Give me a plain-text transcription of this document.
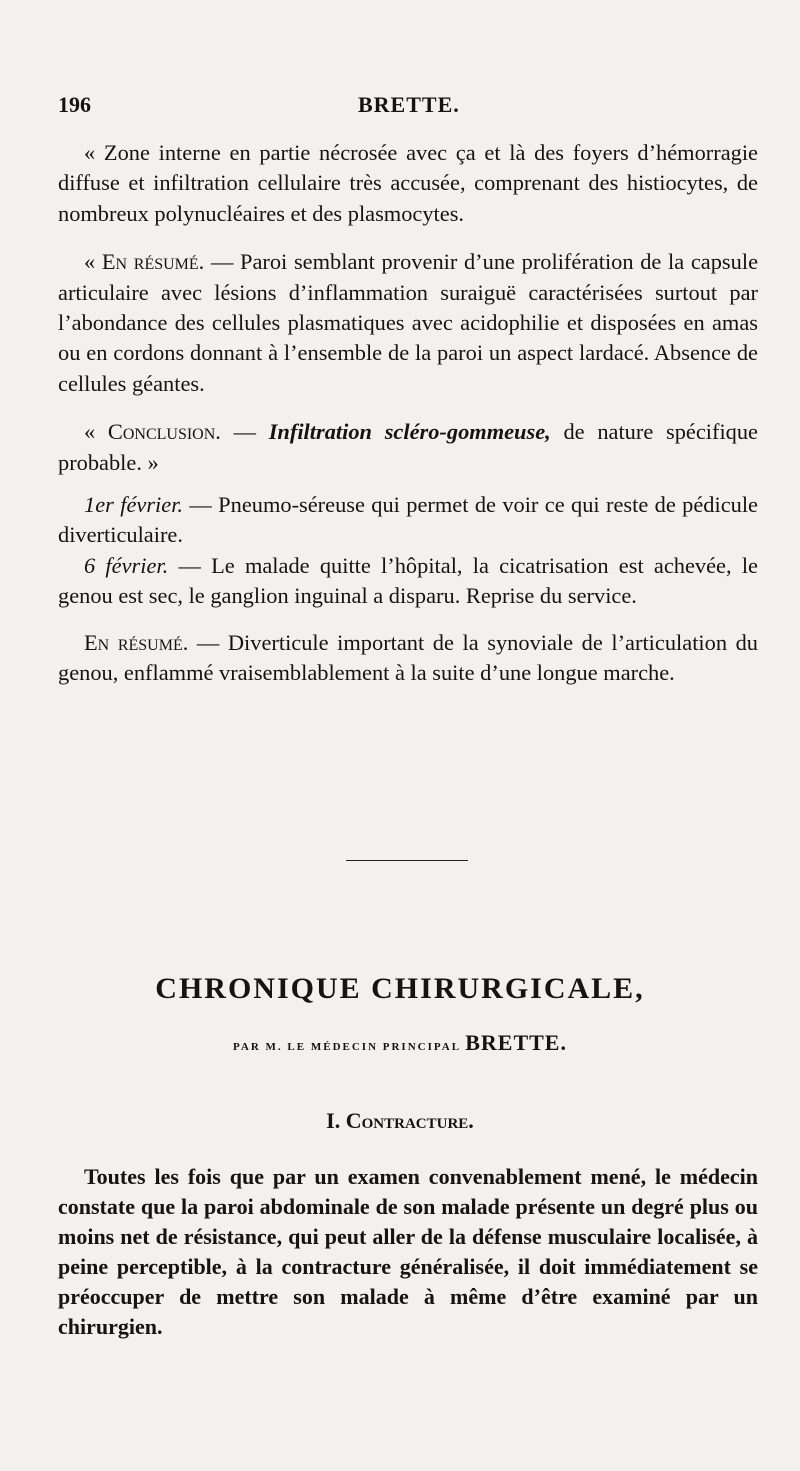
196	BRETTE.

« Zone interne en partie nécrosée avec ça et là des foyers d’hémorragie diffuse et infiltration cellulaire très accusée, comprenant des histiocytes, de nombreux polynucléaires et des plasmocytes.

« En résumé. — Paroi semblant provenir d’une prolifération de la capsule articulaire avec lésions d’inflammation suraiguë caractérisées surtout par l’abondance des cellules plasmatiques avec acidophilie et disposées en amas ou en cordons donnant à l’ensemble de la paroi un aspect lardacé. Absence de cellules géantes.

« Conclusion. — Infiltration scléro-gommeuse, de nature spécifique probable. »

1er février. — Pneumo-séreuse qui permet de voir ce qui reste de pédicule diverticulaire.

6 février. — Le malade quitte l’hôpital, la cicatrisation est achevée, le genou est sec, le ganglion inguinal a disparu. Reprise du service.

En résumé. — Diverticule important de la synoviale de l’articulation du genou, enflammé vraisemblablement à la suite d’une longue marche.

CHRONIQUE CHIRURGICALE,
PAR M. LE MÉDECIN PRINCIPAL BRETTE.
I. Contracture.

Toutes les fois que par un examen convenablement mené, le médecin constate que la paroi abdominale de son malade présente un degré plus ou moins net de résistance, qui peut aller de la défense musculaire localisée, à peine perceptible, à la contracture généralisée, il doit immédiatement se préoccuper de mettre son malade à même d’être examiné par un chirurgien.
